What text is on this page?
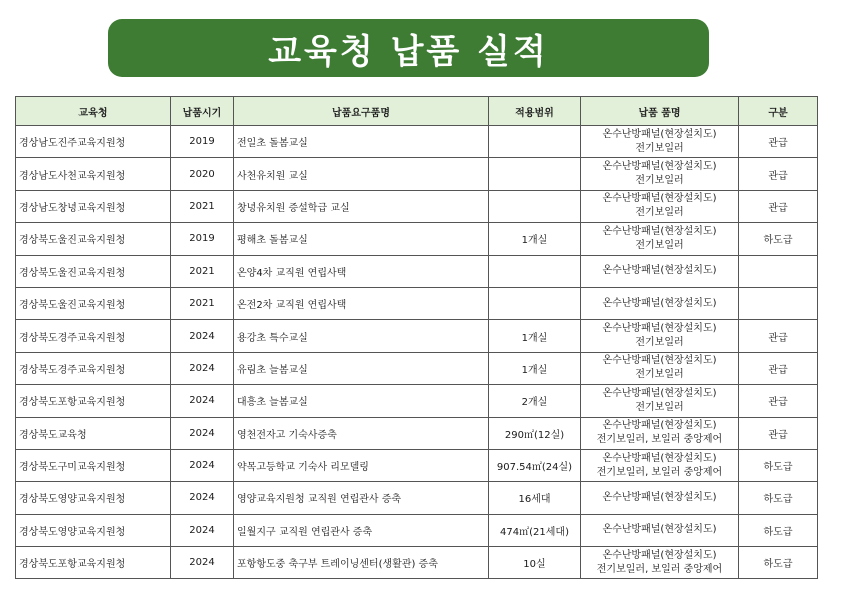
교육청 납품 실적
교육청	납품시기	납품요구품명	적용범위	납품 품명	구분
경상남도진주교육지원청	2019	전일초 돌봄교실		온수난방패널(현장설치도)
전기보일러	관급
경상남도사천교육지원청	2020	사천유치원 교실		온수난방패널(현장설치도)
전기보일러	관급
경상남도창녕교육지원청	2021	창녕유치원 증설학급 교실		온수난방패널(현장설치도)
전기보일러	관급
경상북도울진교육지원청	2019	평해초 돌봄교실	1개실	온수난방패널(현장설치도)
전기보일러	하도급
경상북도울진교육지원청	2021	온양4차 교직원 연립사택		온수난방패널(현장설치도)	

경상북도울진교육지원청	2021	온전2차 교직원 연립사택		온수난방패널(현장설치도)	

경상북도경주교육지원청	2024	용강초 특수교실	1개실	온수난방패널(현장설치도)
전기보일러	관급
경상북도경주교육지원청	2024	유림초 늘봄교실	1개실	온수난방패널(현장설치도)
전기보일러	관급
경상북도포항교육지원청	2024	대흥초 늘봄교실	2개실	온수난방패널(현장설치도)
전기보일러	관급
경상북도교육청	2024	영천전자고 기숙사증축	290㎡(12실)	온수난방패널(현장설치도)
전기보일러, 보일러 중앙제어	관급
경상북도구미교육지원청	2024	약목고등학교 기숙사 리모델링	907.54㎡(24실)	온수난방패널(현장설치도)
전기보일러, 보일러 중앙제어	하도급
경상북도영양교육지원청	2024	영양교육지원청 교직원 연립관사 증축	16세대	온수난방패널(현장설치도)	하도급
경상북도영양교육지원청	2024	일월지구 교직원 연립관사 증축	474㎡(21세대)	온수난방패널(현장설치도)	하도급
경상북도포항교육지원청	2024	포항항도중 축구부 트레이닝센터(생활관) 증축	10실	온수난방패널(현장설치도)
전기보일러, 보일러 중앙제어	하도급
